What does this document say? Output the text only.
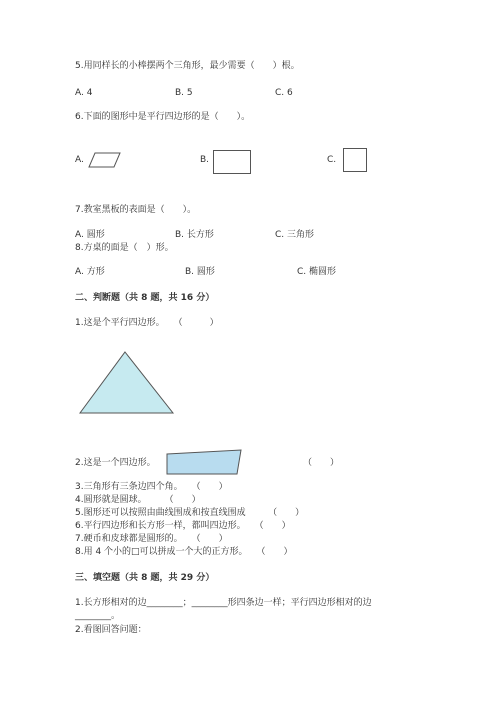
5.用同样长的小棒摆两个三角形，最少需要（　　）根。
A. 4	B. 5	C. 6
6.下面的图形中是平行四边形的是（　　）。
A.	B.	C.
7.教室黑板的表面是（　　）。
A. 圆形	B. 长方形	C. 三角形
8.方桌的面是（　）形。
A. 方形	B. 圆形	C. 椭圆形
二、判断题（共 8 题，共 16 分）
1.这是个平行四边形。　　（　　　）
2.这是一个四边形。	（　　）
3.三角形有三条边四个角。　　（　　）
4.圆形就是圆球。　　　（　　）
5.图形还可以按照由曲线围成和按直线围成　　　（　　）
6.平行四边形和长方形一样，都叫四边形。　　（　　）
7.硬币和皮球都是圆形的。　　（　　）
8.用 4 个小的□可以拼成一个大的正方形。　　（　　）
三、填空题（共 8 题，共 29 分）
1.长方形相对的边________；________形四条边一样；平行四边形相对的边
________。
2.看图回答问题：
